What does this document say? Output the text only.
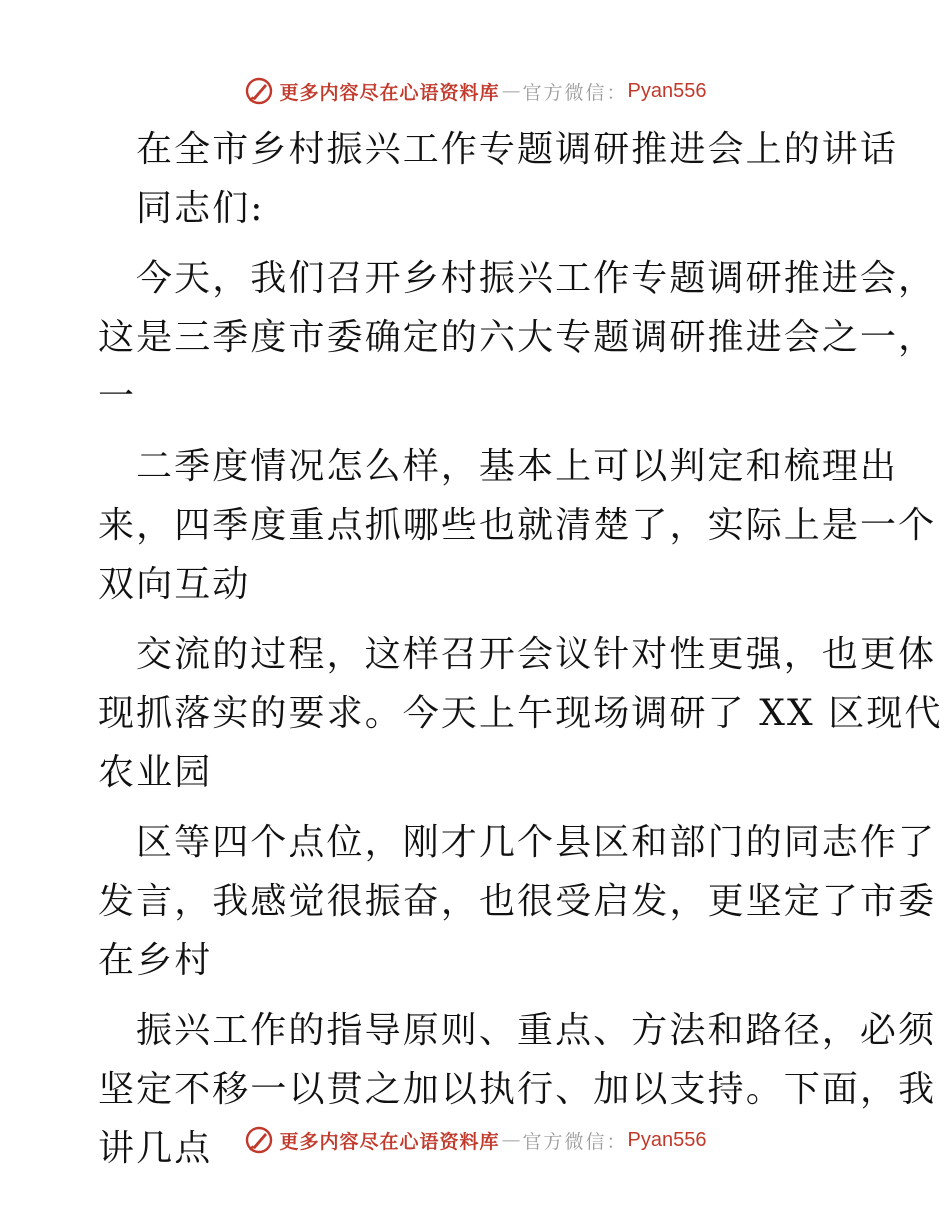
更多内容尽在心语资料库 — 官方微信： Pyan556
在全市乡村振兴工作专题调研推进会上的讲话
同志们:
今天，我们召开乡村振兴工作专题调研推进会，
这是三季度市委确定的六大专题调研推进会之一，
一
二季度情况怎么样，基本上可以判定和梳理出
来，四季度重点抓哪些也就清楚了，实际上是一个
双向互动
交流的过程，这样召开会议针对性更强，也更体
现抓落实的要求。今天上午现场调研了 XX 区现代
农业园
区等四个点位，刚才几个县区和部门的同志作了
发言，我感觉很振奋，也很受启发，更坚定了市委
在乡村
振兴工作的指导原则、重点、方法和路径，必须
坚定不移一以贯之加以执行、加以支持。下面，我
讲几点	更多内容尽在心语资料库 — 官方微信： Pyan556
